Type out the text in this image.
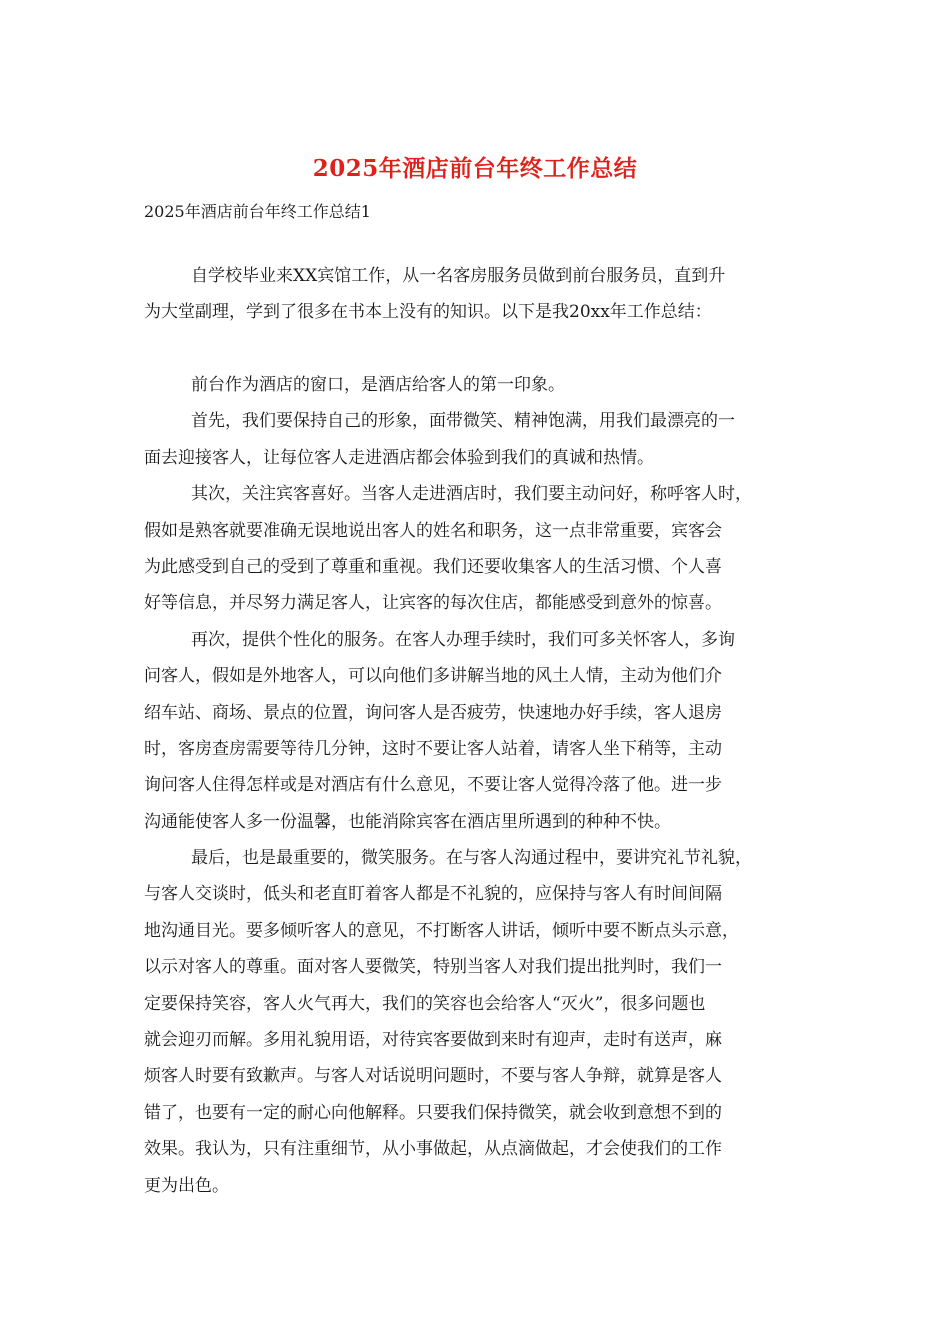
2025年酒店前台年终工作总结
2025年酒店前台年终工作总结1
自学校毕业来XX宾馆工作，从一名客房服务员做到前台服务员，直到升
为大堂副理，学到了很多在书本上没有的知识。以下是我20xx年工作总结：
前台作为酒店的窗口，是酒店给客人的第一印象。
首先，我们要保持自己的形象，面带微笑、精神饱满，用我们最漂亮的一
面去迎接客人，让每位客人走进酒店都会体验到我们的真诚和热情。
其次，关注宾客喜好。当客人走进酒店时，我们要主动问好，称呼客人时，
假如是熟客就要准确无误地说出客人的姓名和职务，这一点非常重要，宾客会
为此感受到自己的受到了尊重和重视。我们还要收集客人的生活习惯、个人喜
好等信息，并尽努力满足客人，让宾客的每次住店，都能感受到意外的惊喜。
再次，提供个性化的服务。在客人办理手续时，我们可多关怀客人，多询
问客人，假如是外地客人，可以向他们多讲解当地的风土人情，主动为他们介
绍车站、商场、景点的位置，询问客人是否疲劳，快速地办好手续，客人退房
时，客房查房需要等待几分钟，这时不要让客人站着，请客人坐下稍等，主动
询问客人住得怎样或是对酒店有什么意见，不要让客人觉得冷落了他。进一步
沟通能使客人多一份温馨，也能消除宾客在酒店里所遇到的种种不快。
最后，也是最重要的，微笑服务。在与客人沟通过程中，要讲究礼节礼貌，
与客人交谈时，低头和老直盯着客人都是不礼貌的，应保持与客人有时间间隔
地沟通目光。要多倾听客人的意见，不打断客人讲话，倾听中要不断点头示意，
以示对客人的尊重。面对客人要微笑，特别当客人对我们提出批判时，我们一
定要保持笑容，客人火气再大，我们的笑容也会给客人“灭火”，很多问题也
就会迎刃而解。多用礼貌用语，对待宾客要做到来时有迎声，走时有送声，麻
烦客人时要有致歉声。与客人对话说明问题时，不要与客人争辩，就算是客人
错了，也要有一定的耐心向他解释。只要我们保持微笑，就会收到意想不到的
效果。我认为，只有注重细节，从小事做起，从点滴做起，才会使我们的工作
更为出色。
